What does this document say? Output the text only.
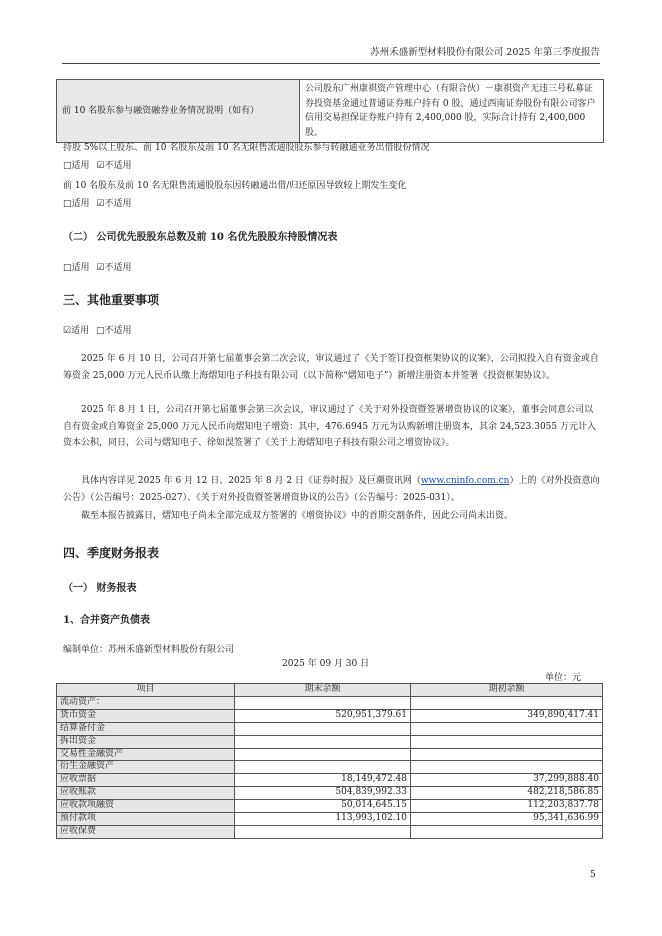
苏州禾盛新型材料股份有限公司 2025 年第三季度报告
前 10 名股东参与融资融券业务情况说明（如有）	公司股东广州康祺资产管理中心（有限合伙）－康祺资产无违三号私募证券投资基金通过普通证券账户持有 0 股，通过西南证券股份有限公司客户信用交易担保证券账户持有 2,400,000 股，实际合计持有 2,400,000 股。
持股 5%以上股东、前 10 名股东及前 10 名无限售流通股股东参与转融通业务出借股份情况
□适用 ☑不适用
前 10 名股东及前 10 名无限售流通股股东因转融通出借/归还原因导致较上期发生变化
□适用 ☑不适用
（二） 公司优先股股东总数及前 10 名优先股股东持股情况表
□适用 ☑不适用
三、其他重要事项
☑适用 □不适用
2025 年 6 月 10 日，公司召开第七届董事会第二次会议，审议通过了《关于签订投资框架协议的议案》，公司拟投入自有资金或自筹资金 25,000 万元人民币认缴上海熠知电子科技有限公司（以下简称“熠知电子”）新增注册资本并签署《投资框架协议》。
2025 年 8 月 1 日，公司召开第七届董事会第三次会议，审议通过了《关于对外投资暨签署增资协议的议案》，董事会同意公司以自有资金或自筹资金 25,000 万元人民币向熠知电子增资：其中，476.6945 万元为认购新增注册资本，其余 24,523.3055 万元计入资本公积，同日，公司与熠知电子、徐如淏签署了《关于上海熠知电子科技有限公司之增资协议》。
具体内容详见 2025 年 6 月 12 日、2025 年 8 月 2 日《证券时报》及巨潮资讯网（www.cninfo.com.cn）上的《对外投资意向公告》（公告编号：2025-027）、《关于对外投资暨签署增资协议的公告》（公告编号：2025-031）。
截至本报告披露日，熠知电子尚未全部完成双方签署的《增资协议》中的首期交割条件，因此公司尚未出资。
四、季度财务报表
（一） 财务报表
1、合并资产负债表
编制单位：苏州禾盛新型材料股份有限公司
2025 年 09 月 30 日
单位：元
项目	期末余额	期初余额
流动资产：		
货币资金	520,951,379.61	349,890,417.41
结算备付金		
拆出资金		
交易性金融资产		
衍生金融资产		
应收票据	18,149,472.48	37,299,888.40
应收账款	504,839,992.33	482,218,586.85
应收款项融资	50,014,645.15	112,203,837.78
预付款项	113,993,102.10	95,341,636.99
应收保费		
5
